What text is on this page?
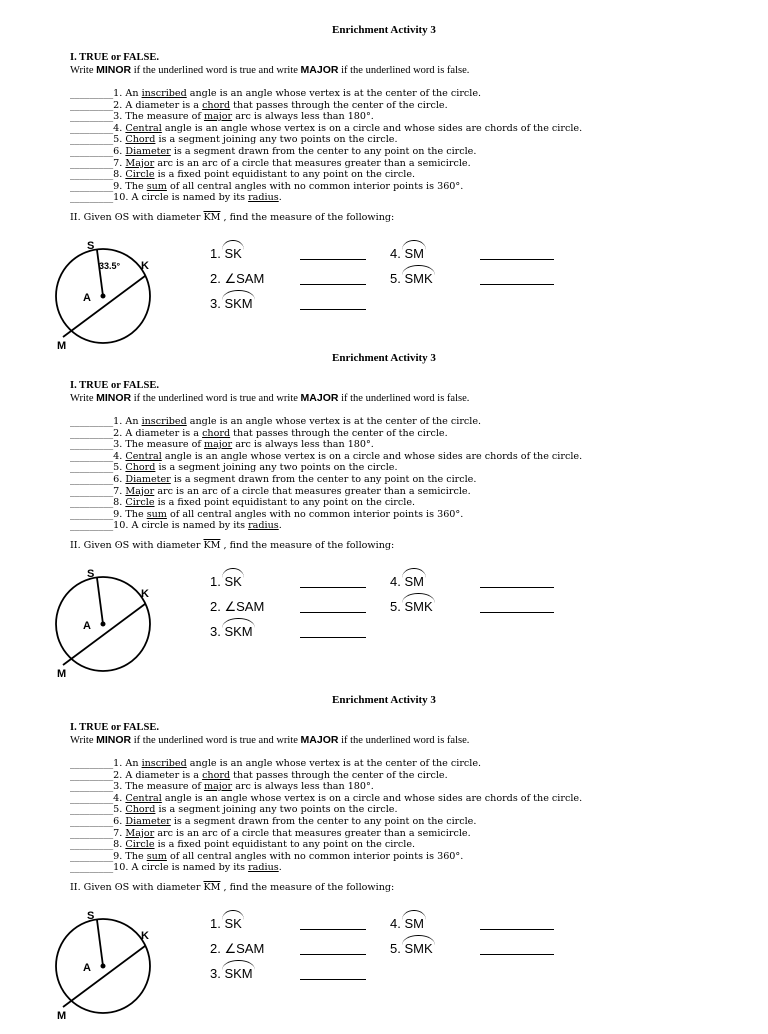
Enrichment Activity 3
I. TRUE or FALSE.
Write MINOR if the underlined word is true and write MAJOR if the underlined word is false.
_________1. An inscribed angle is an angle whose vertex is at the center of the circle.
_________2. A diameter is a chord that passes through the center of the circle.
_________3. The measure of major arc is always less than 180°.
_________4. Central angle is an angle whose vertex is on a circle and whose sides are chords of the circle.
_________5. Chord is a segment joining any two points on the circle.
_________6. Diameter is a segment drawn from the center to any point on the circle.
_________7. Major arc is an arc of a circle that measures greater than a semicircle.
_________8. Circle is a fixed point equidistant to any point on the circle.
_________9. The sum of all central angles with no common interior points is 360°.
_________10. A circle is named by its radius.
II. Given ʘS with diameter $\overline{KM}$ , find the measure of the following:
33.5°
S
K
A
M
1. SK
2. ∠SAM
3. SKM
4. SM
5. SMK
Enrichment Activity 3
I. TRUE or FALSE.
Write MINOR if the underlined word is true and write MAJOR if the underlined word is false.
_________1. An inscribed angle is an angle whose vertex is at the center of the circle.
_________2. A diameter is a chord that passes through the center of the circle.
_________3. The measure of major arc is always less than 180°.
_________4. Central angle is an angle whose vertex is on a circle and whose sides are chords of the circle.
_________5. Chord is a segment joining any two points on the circle.
_________6. Diameter is a segment drawn from the center to any point on the circle.
_________7. Major arc is an arc of a circle that measures greater than a semicircle.
_________8. Circle is a fixed point equidistant to any point on the circle.
_________9. The sum of all central angles with no common interior points is 360°.
_________10. A circle is named by its radius.
II. Given ʘS with diameter $\overline{KM}$ , find the measure of the following:
S
K
A
M
1. SK
2. ∠SAM
3. SKM
4. SM
5. SMK
Enrichment Activity 3
I. TRUE or FALSE.
Write MINOR if the underlined word is true and write MAJOR if the underlined word is false.
_________1. An inscribed angle is an angle whose vertex is at the center of the circle.
_________2. A diameter is a chord that passes through the center of the circle.
_________3. The measure of major arc is always less than 180°.
_________4. Central angle is an angle whose vertex is on a circle and whose sides are chords of the circle.
_________5. Chord is a segment joining any two points on the circle.
_________6. Diameter is a segment drawn from the center to any point on the circle.
_________7. Major arc is an arc of a circle that measures greater than a semicircle.
_________8. Circle is a fixed point equidistant to any point on the circle.
_________9. The sum of all central angles with no common interior points is 360°.
_________10. A circle is named by its radius.
II. Given ʘS with diameter $\overline{KM}$ , find the measure of the following:
S
K
A
M
1. SK
2. ∠SAM
3. SKM
4. SM
5. SMK
